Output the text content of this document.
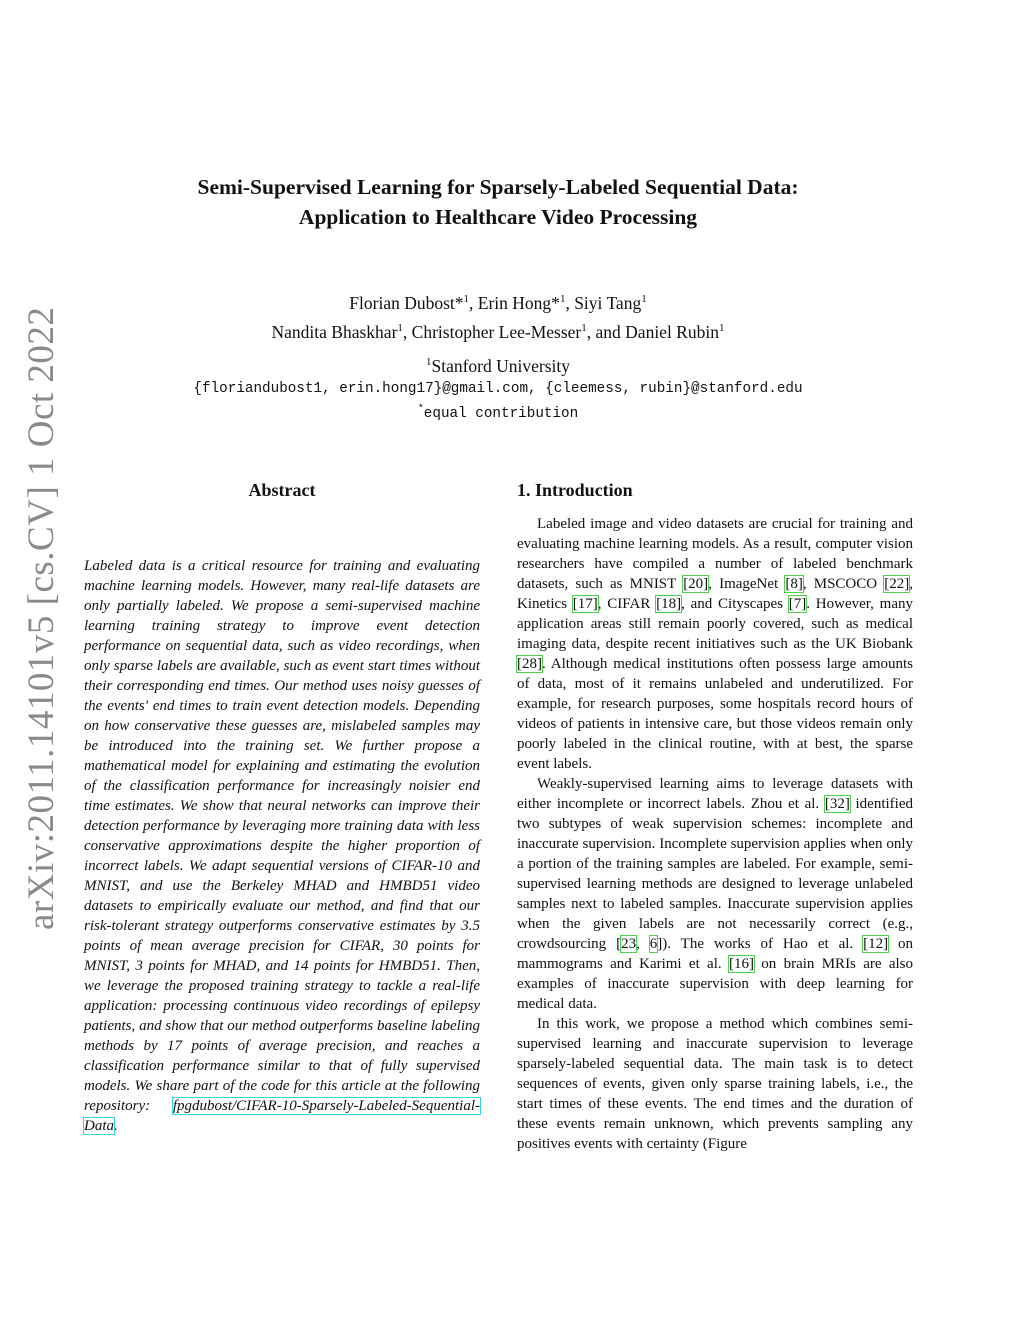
arXiv:2011.14101v5 [cs.CV] 1 Oct 2022
Semi-Supervised Learning for Sparsely-Labeled Sequential Data:
Application to Healthcare Video Processing
Florian Dubost*$^1$, Erin Hong*$^1$, Siyi Tang$^1$
Nandita Bhaskhar$^1$, Christopher Lee-Messer$^1$, and Daniel Rubin$^1$
$^1$Stanford University
{floriandubost1, erin.hong17}@gmail.com, {cleemess, rubin}@stanford.edu
*equal contribution
Abstract

Labeled data is a critical resource for training and evaluating machine learning models. However, many real-life datasets are only partially labeled. We propose a semi-supervised machine learning training strategy to improve event detection performance on sequential data, such as video recordings, when only sparse labels are available, such as event start times without their corresponding end times. Our method uses noisy guesses of the events' end times to train event detection models. Depending on how conservative these guesses are, mislabeled samples may be introduced into the training set. We further propose a mathematical model for explaining and estimating the evolution of the classification performance for increasingly noisier end time estimates. We show that neural networks can improve their detection performance by leveraging more training data with less conservative approximations despite the higher proportion of incorrect labels. We adapt sequential versions of CIFAR-10 and MNIST, and use the Berkeley MHAD and HMBD51 video datasets to empirically evaluate our method, and find that our risk-tolerant strategy outperforms conservative estimates by 3.5 points of mean average precision for CIFAR, 30 points for MNIST, 3 points for MHAD, and 14 points for HMBD51. Then, we leverage the proposed training strategy to tackle a real-life application: processing continuous video recordings of epilepsy patients, and show that our method outperforms baseline labeling methods by 17 points of average precision, and reaches a classification performance similar to that of fully supervised models. We share part of the code for this article at the following repository: fpgdubost/CIFAR-10-Sparsely-Labeled-Sequential-Data.

1. Introduction

Labeled image and video datasets are crucial for training and evaluating machine learning models. As a result, computer vision researchers have compiled a number of labeled benchmark datasets, such as MNIST [20], ImageNet [8], MSCOCO [22], Kinetics [17], CIFAR [18], and Cityscapes [7]. However, many application areas still remain poorly covered, such as medical imaging data, despite recent initiatives such as the UK Biobank [28]. Although medical institutions often possess large amounts of data, most of it remains unlabeled and underutilized. For example, for research purposes, some hospitals record hours of videos of patients in intensive care, but those videos remain only poorly labeled in the clinical routine, with at best, the sparse event labels.

Weakly-supervised learning aims to leverage datasets with either incomplete or incorrect labels. Zhou et al. [32] identified two subtypes of weak supervision schemes: incomplete and inaccurate supervision. Incomplete supervision applies when only a portion of the training samples are labeled. For example, semi-supervised learning methods are designed to leverage unlabeled samples next to labeled samples. Inaccurate supervision applies when the given labels are not necessarily correct (e.g., crowdsourcing [23, 6]). The works of Hao et al. [12] on mammograms and Karimi et al. [16] on brain MRIs are also examples of inaccurate supervision with deep learning for medical data.

In this work, we propose a method which combines semi-supervised learning and inaccurate supervision to leverage sparsely-labeled sequential data. The main task is to detect sequences of events, given only sparse training labels, i.e., the start times of these events. The end times and the duration of these events remain unknown, which prevents sampling any positives events with certainty (Figure
